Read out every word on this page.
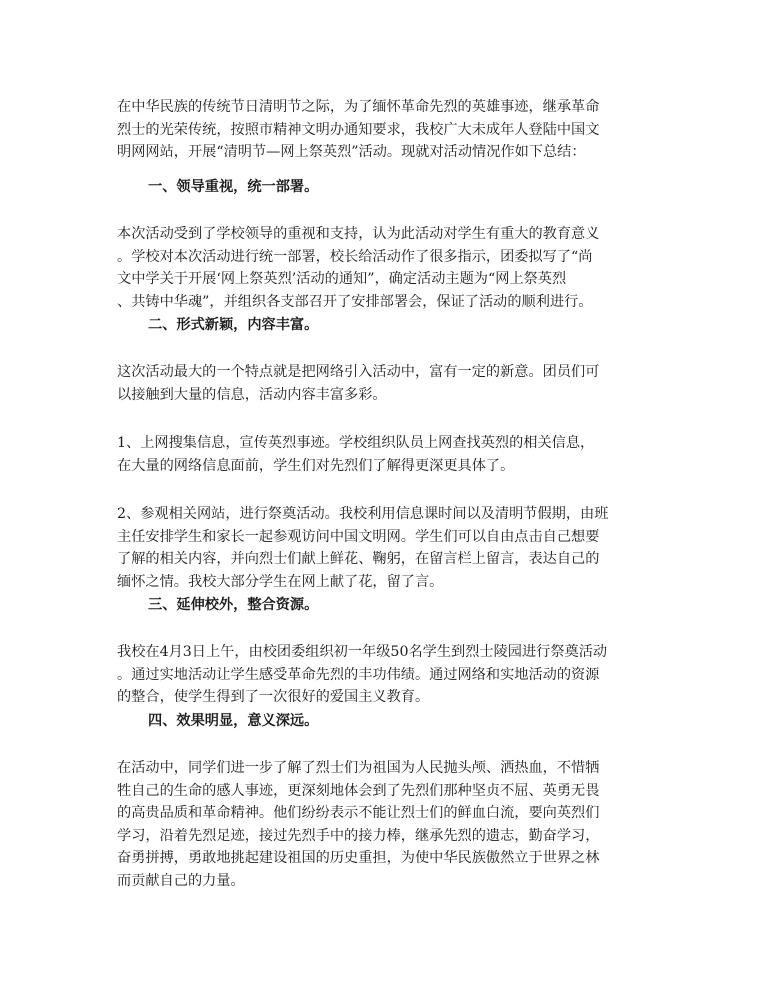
在中华民族的传统节日清明节之际，为了缅怀革命先烈的英雄事迹，继承革命
烈士的光荣传统，按照市精神文明办通知要求，我校广大未成年人登陆中国文
明网网站，开展“清明节—网上祭英烈”活动。现就对活动情况作如下总结：

一、领导重视，统一部署。

本次活动受到了学校领导的重视和支持，认为此活动对学生有重大的教育意义
。学校对本次活动进行统一部署，校长给活动作了很多指示，团委拟写了“尚
文中学关于开展‘网上祭英烈’活动的通知”，确定活动主题为“网上祭英烈
、共铸中华魂”，并组织各支部召开了安排部署会，保证了活动的顺利进行。

二、形式新颖，内容丰富。

这次活动最大的一个特点就是把网络引入活动中，富有一定的新意。团员们可
以接触到大量的信息，活动内容丰富多彩。

1、上网搜集信息，宣传英烈事迹。学校组织队员上网查找英烈的相关信息，
在大量的网络信息面前，学生们对先烈们了解得更深更具体了。

2、参观相关网站，进行祭奠活动。我校利用信息课时间以及清明节假期，由班
主任安排学生和家长一起参观访问中国文明网。学生们可以自由点击自己想要
了解的相关内容，并向烈士们献上鲜花、鞠躬，在留言栏上留言，表达自己的
缅怀之情。我校大部分学生在网上献了花，留了言。

三、延伸校外，整合资源。

我校在4月3日上午，由校团委组织初一年级50名学生到烈士陵园进行祭奠活动
。通过实地活动让学生感受革命先烈的丰功伟绩。通过网络和实地活动的资源
的整合，使学生得到了一次很好的爱国主义教育。

四、效果明显，意义深远。

在活动中，同学们进一步了解了烈士们为祖国为人民抛头颅、洒热血，不惜牺
牲自己的生命的感人事迹，更深刻地体会到了先烈们那种坚贞不屈、英勇无畏
的高贵品质和革命精神。他们纷纷表示不能让烈士们的鲜血白流，要向英烈们
学习，沿着先烈足迹，接过先烈手中的接力棒，继承先烈的遗志，勤奋学习，
奋勇拼搏，勇敢地挑起建设祖国的历史重担，为使中华民族傲然立于世界之林
而贡献自己的力量。
